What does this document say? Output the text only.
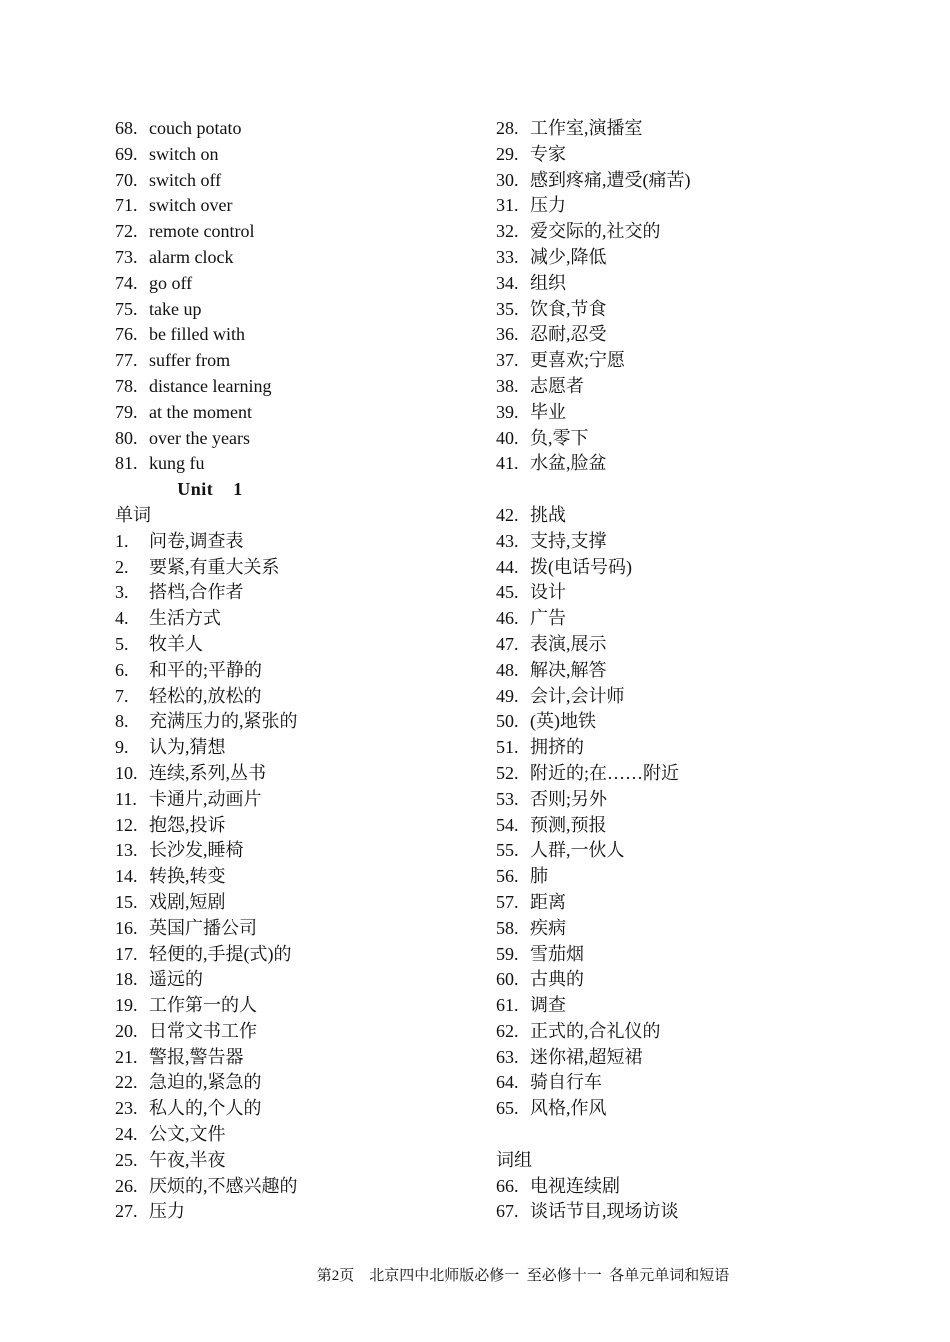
68. couch potato
69. switch on
70. switch off
71. switch over
72. remote control
73. alarm clock
74. go off
75. take up
76. be filled with
77. suffer from
78. distance learning
79. at the moment
80. over the years
81. kung fu
Unit    1
单词
1. 问卷,调查表
2. 要紧,有重大关系
3. 搭档,合作者
4. 生活方式
5. 牧羊人
6. 和平的;平静的
7. 轻松的,放松的
8. 充满压力的,紧张的
9. 认为,猜想
10. 连续,系列,丛书
11. 卡通片,动画片
12. 抱怨,投诉
13. 长沙发,睡椅
14. 转换,转变
15. 戏剧,短剧
16. 英国广播公司
17. 轻便的,手提(式)的
18. 遥远的
19. 工作第一的人
20. 日常文书工作
21. 警报,警告器
22. 急迫的,紧急的
23. 私人的,个人的
24. 公文,文件
25. 午夜,半夜
26. 厌烦的,不感兴趣的
27. 压力
28. 工作室,演播室
29. 专家
30. 感到疼痛,遭受(痛苦)
31. 压力
32. 爱交际的,社交的
33. 减少,降低
34. 组织
35. 饮食,节食
36. 忍耐,忍受
37. 更喜欢;宁愿
38. 志愿者
39. 毕业
40. 负,零下
41. 水盆,脸盆
42. 挑战
43. 支持,支撑
44. 拨(电话号码)
45. 设计
46. 广告
47. 表演,展示
48. 解决,解答
49. 会计,会计师
50. (英)地铁
51. 拥挤的
52. 附近的;在……附近
53. 否则;另外
54. 预测,预报
55. 人群,一伙人
56. 肺
57. 距离
58. 疾病
59. 雪茄烟
60. 古典的
61. 调查
62. 正式的,合礼仪的
63. 迷你裙,超短裙
64. 骑自行车
65. 风格,作风
词组
66. 电视连续剧
67. 谈话节目,现场访谈
第2页    北京四中北师版必修一  至必修十一  各单元单词和短语
